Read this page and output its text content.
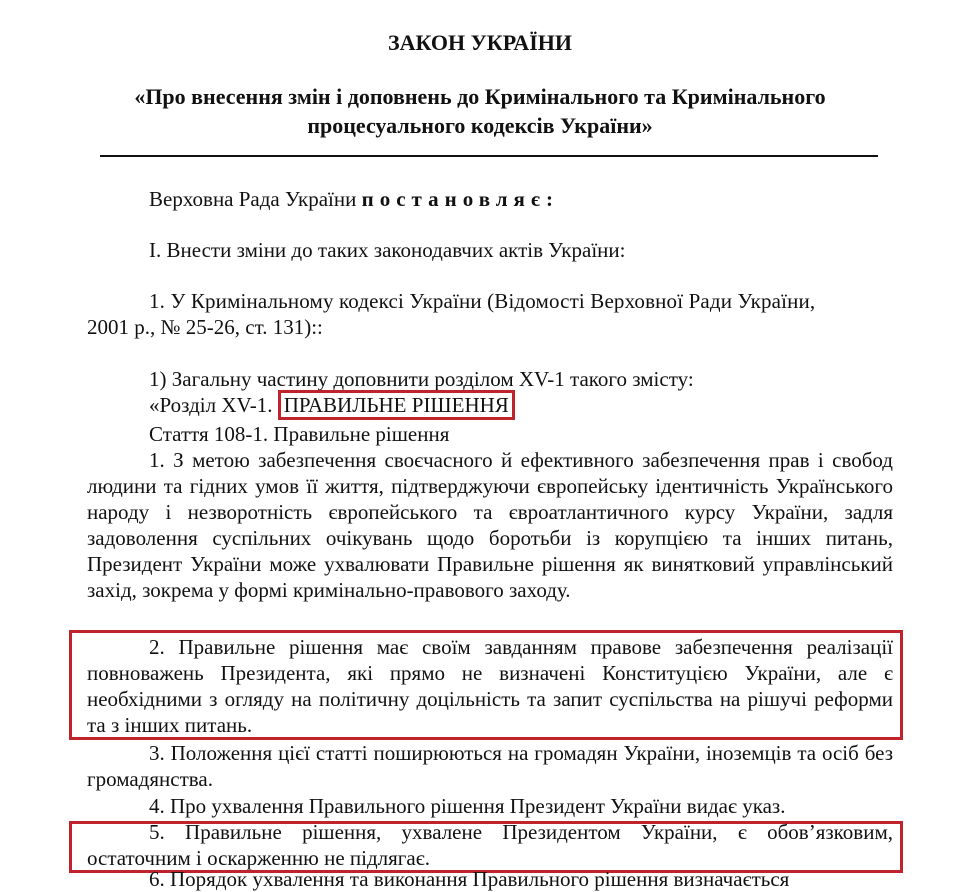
ЗАКОН УКРАЇНИ
«Про внесення змін і доповнень до Кримінального та Кримінального
процесуального кодексів України»
Верховна Рада України постановляє:
І. Внести зміни до таких законодавчих актів України:
1. У Кримінальному кодексі України (Відомості Верховної Ради України,
2001 р., № 25-26, ст. 131)::
1) Загальну частину доповнити розділом XV-1 такого змісту:
«Розділ XV-1. ПРАВИЛЬНЕ РІШЕННЯ
Стаття 108-1. Правильне рішення
1. З метою забезпечення своєчасного й ефективного забезпечення прав і свобод людини та гідних умов її життя, підтверджуючи європейську ідентичність Українського народу і незворотність європейського та євроатлантичного курсу України, задля задоволення суспільних очікувань щодо боротьби із корупцією та інших питань, Президент України може ухвалювати Правильне рішення як винятковий управлінський захід, зокрема у формі кримінально-правового заходу.
2. Правильне рішення має своїм завданням правове забезпечення реалізації повноважень Президента, які прямо не визначені Конституцією України, але є необхідними з огляду на політичну доцільність та запит суспільства на рішучі реформи та з інших питань.
3. Положення цієї статті поширюються на громадян України, іноземців та осіб без громадянства.
4. Про ухвалення Правильного рішення Президент України видає указ.
5. Правильне рішення, ухвалене Президентом України, є обов’язковим, остаточним і оскарженню не підлягає.
6. Порядок ухвалення та виконання Правильного рішення визначається
